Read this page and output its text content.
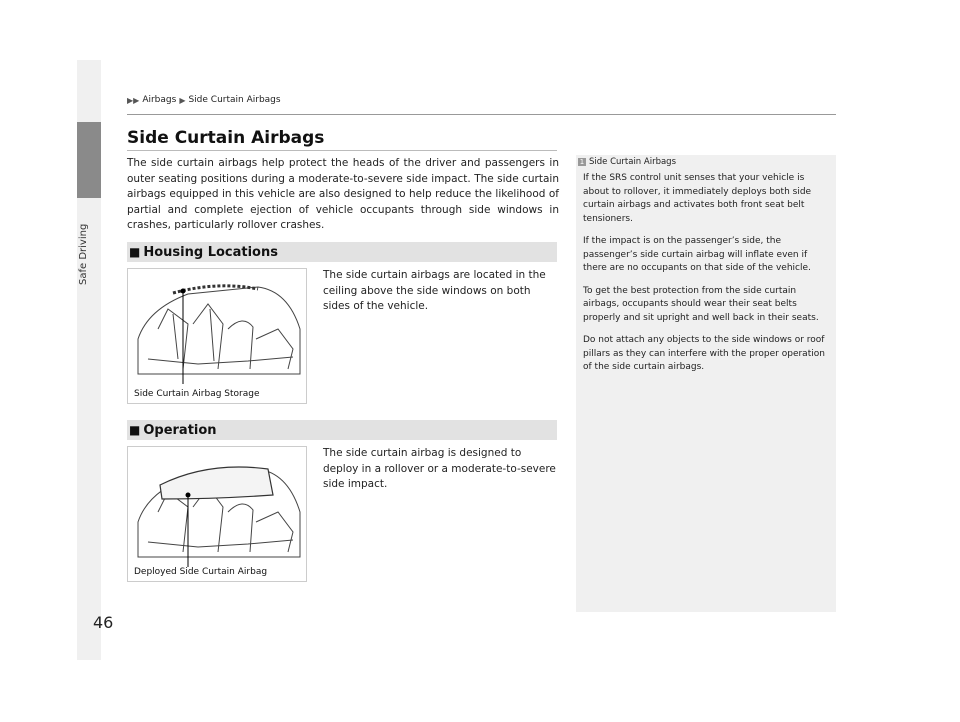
Safe Driving
▶▶ Airbags ▶ Side Curtain Airbags
Side Curtain Airbags
The side curtain airbags help protect the heads of the driver and passengers in outer seating positions during a moderate-to-severe side impact. The side curtain airbags equipped in this vehicle are also designed to help reduce the likelihood of partial and complete ejection of vehicle occupants through side windows in crashes, particularly rollover crashes.
■ Housing Locations
Side Curtain Airbag Storage
The side curtain airbags are located in the ceiling above the side windows on both sides of the vehicle.
■ Operation
Deployed Side Curtain Airbag
The side curtain airbag is designed to deploy in a rollover or a moderate-to-severe side impact.
1 Side Curtain Airbags

If the SRS control unit senses that your vehicle is about to rollover, it immediately deploys both side curtain airbags and activates both front seat belt tensioners.

If the impact is on the passenger’s side, the passenger’s side curtain airbag will inflate even if there are no occupants on that side of the vehicle.

To get the best protection from the side curtain airbags, occupants should wear their seat belts properly and sit upright and well back in their seats.

Do not attach any objects to the side windows or roof pillars as they can interfere with the proper operation of the side curtain airbags.

46
